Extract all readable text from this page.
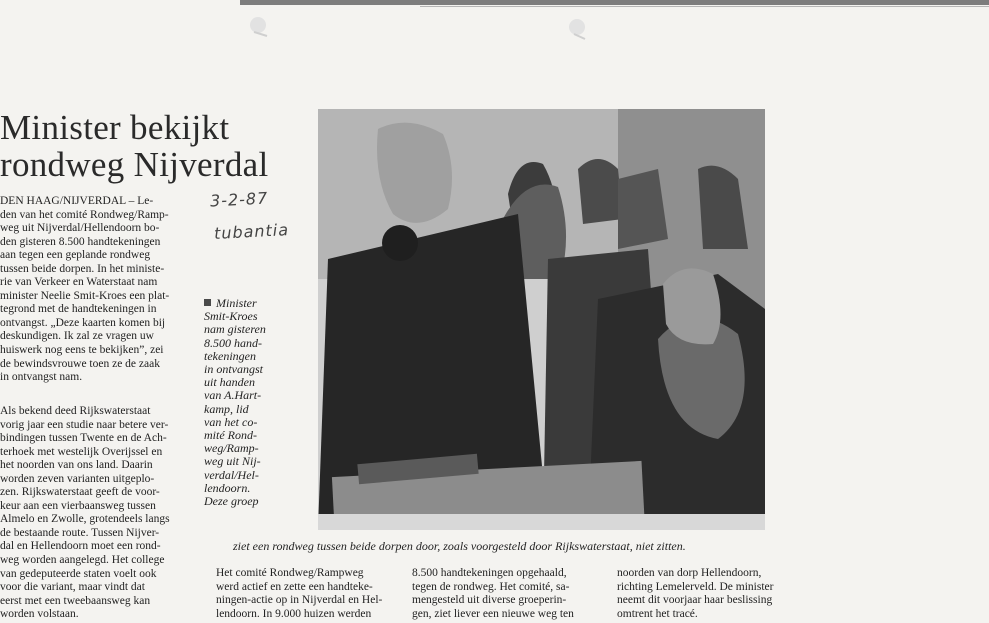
Minister bekijkt
rondweg Nijverdal
3-2-87
tubantia

DEN HAAG/NIJVERDAL – Le-

den van het comité Rondweg/Ramp-

weg uit Nijverdal/Hellendoorn bo-

den gisteren 8.500 handtekeningen

aan tegen een geplande rondweg

tussen beide dorpen. In het ministe-

rie van Verkeer en Waterstaat nam

minister Neelie Smit-Kroes een plat-

tegrond met de handtekeningen in

ontvangst. „Deze kaarten komen bij

deskundigen. Ik zal ze vragen uw

huiswerk nog eens te bekijken”, zei

de bewindsvrouwe toen ze de zaak

in ontvangst nam.

Als bekend deed Rijkswaterstaat

vorig jaar een studie naar betere ver-

bindingen tussen Twente en de Ach-

terhoek met westelijk Overijssel en

het noorden van ons land. Daarin

worden zeven varianten uitgeplo-

zen. Rijkswaterstaat geeft de voor-

keur aan een vierbaansweg tussen

Almelo en Zwolle, grotendeels langs

de bestaande route. Tussen Nijver-

dal en Hellendoorn moet een rond-

weg worden aangelegd. Het college

van gedeputeerde staten voelt ook

voor die variant, maar vindt dat

eerst met een tweebaansweg kan

worden volstaan.

Minister

Smit-Kroes

nam gisteren

8.500 hand-

tekeningen

in ontvangst

uit handen

van A.Hart-

kamp, lid

van het co-

mité Rond-

weg/Ramp-

weg uit Nij-

verdal/Hel-

lendoorn.

Deze groep

ziet een rondweg tussen beide dorpen door, zoals voorgesteld door Rijkswaterstaat, niet zitten.

Het comité Rondweg/Rampweg

werd actief en zette een handteke-

ningen-actie op in Nijverdal en Hel-

lendoorn. In 9.000 huizen werden

8.500 handtekeningen opgehaald,

tegen de rondweg. Het comité, sa-

mengesteld uit diverse groeperin-

gen, ziet liever een nieuwe weg ten

noorden van dorp Hellendoorn,

richting Lemelerveld. De minister

neemt dit voorjaar haar beslissing

omtrent het tracé.
